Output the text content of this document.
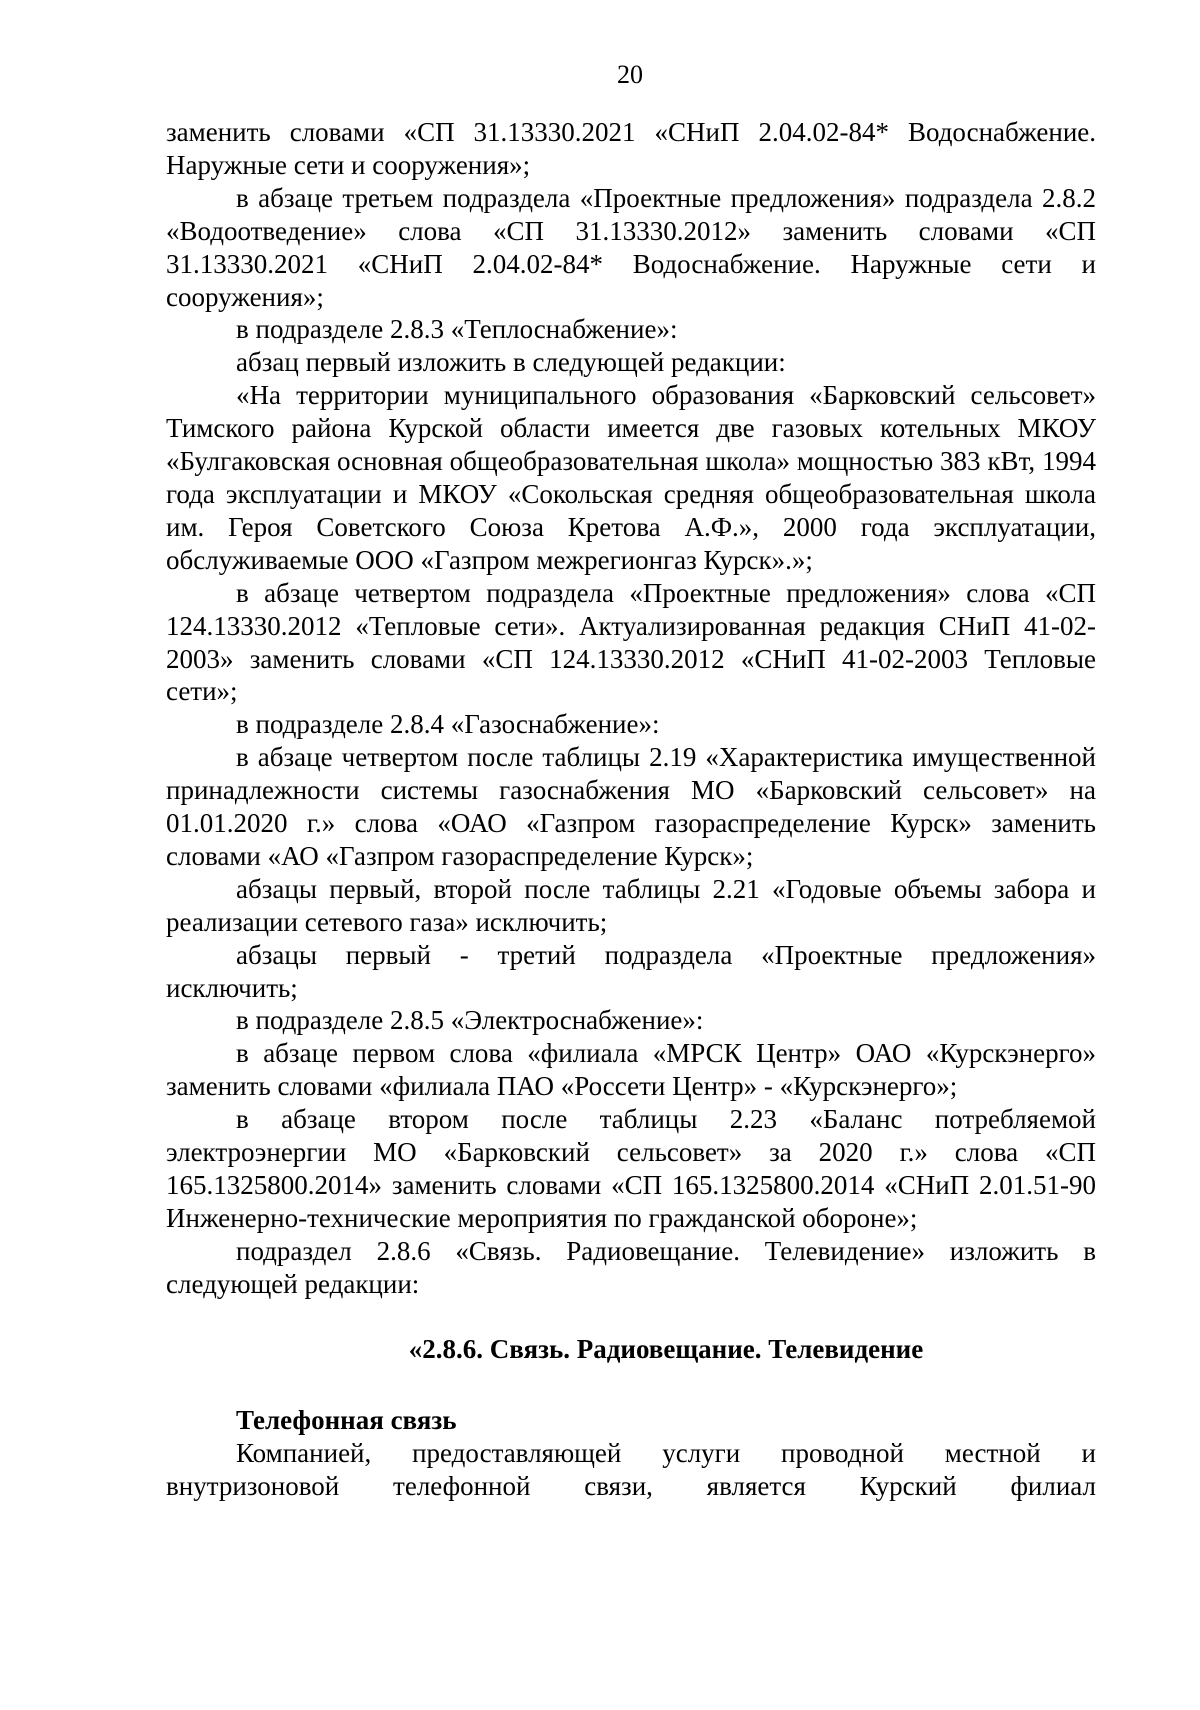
20

заменить словами «СП 31.13330.2021 «СНиП 2.04.02-84* Водоснабжение. Наружные сети и сооружения»;

в абзаце третьем подраздела «Проектные предложения» подраздела 2.8.2 «Водоотведение» слова «СП 31.13330.2012» заменить словами «СП 31.13330.2021 «СНиП 2.04.02-84* Водоснабжение. Наружные сети и сооружения»;

в подразделе 2.8.3 «Теплоснабжение»:

абзац первый изложить в следующей редакции:

«На территории муниципального образования «Барковский сельсовет» Тимского района Курской области имеется две газовых котельных МКОУ «Булгаковская основная общеобразовательная школа» мощностью 383 кВт, 1994 года эксплуатации и МКОУ «Сокольская средняя общеобразовательная школа им. Героя Советского Союза Кретова А.Ф.», 2000 года эксплуатации, обслуживаемые ООО «Газпром межрегионгаз Курск».»;

в абзаце четвертом подраздела «Проектные предложения» слова «СП 124.13330.2012 «Тепловые сети». Актуализированная редакция СНиП 41-02-2003» заменить словами «СП 124.13330.2012 «СНиП 41-02-2003 Тепловые сети»;

в подразделе 2.8.4 «Газоснабжение»:

в абзаце четвертом после таблицы 2.19 «Характеристика имущественной принадлежности системы газоснабжения МО «Барковский сельсовет» на 01.01.2020 г.» слова «ОАО «Газпром газораспределение Курск» заменить словами «АО «Газпром газораспределение Курск»;

абзацы первый, второй после таблицы 2.21 «Годовые объемы забора и реализации сетевого газа» исключить;

абзацы первый - третий подраздела «Проектные предложения» исключить;

в подразделе 2.8.5 «Электроснабжение»:

в абзаце первом слова «филиала «МРСК Центр» ОАО «Курскэнерго» заменить словами «филиала ПАО «Россети Центр» - «Курскэнерго»;

в абзаце втором после таблицы 2.23 «Баланс потребляемой электроэнергии МО «Барковский сельсовет» за 2020 г.» слова «СП 165.1325800.2014» заменить словами «СП 165.1325800.2014 «СНиП 2.01.51-90 Инженерно-технические мероприятия по гражданской обороне»;

подраздел 2.8.6 «Связь. Радиовещание. Телевидение» изложить в следующей редакции:

«2.8.6. Связь. Радиовещание. Телевидение

Телефонная связь

Компанией, предоставляющей услуги проводной местной и внутризоновой телефонной связи, является Курский филиал
